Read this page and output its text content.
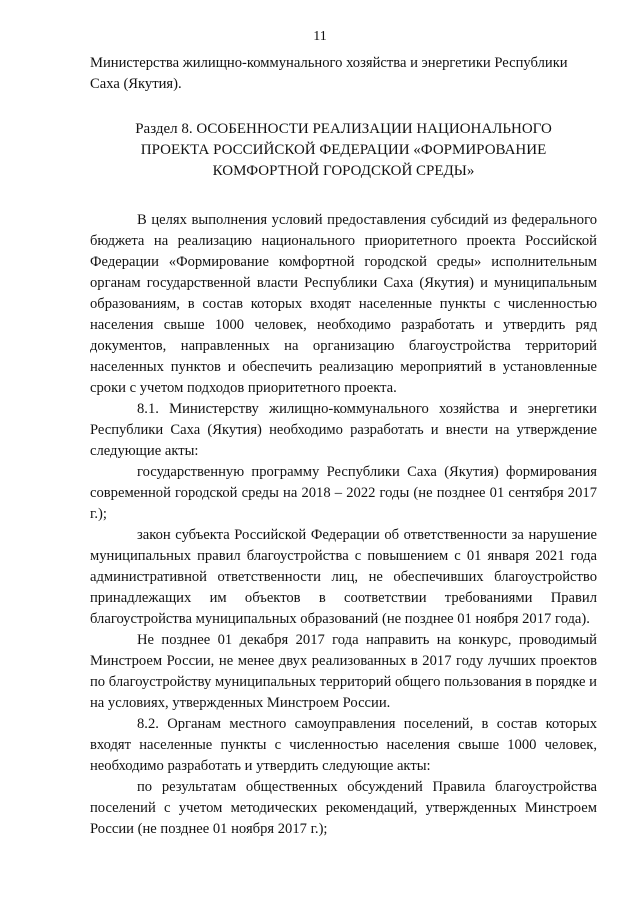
11

Министерства жилищно-коммунального хозяйства и энергетики Республики Саха (Якутия).

Раздел 8. ОСОБЕННОСТИ РЕАЛИЗАЦИИ НАЦИОНАЛЬНОГО
ПРОЕКТА РОССИЙСКОЙ ФЕДЕРАЦИИ «ФОРМИРОВАНИЕ
КОМФОРТНОЙ ГОРОДСКОЙ СРЕДЫ»

В целях выполнения условий предоставления субсидий из федерального бюджета на реализацию национального приоритетного проекта Российской Федерации «Формирование комфортной городской среды» исполнительным органам государственной власти Республики Саха (Якутия) и муниципальным образованиям, в состав которых входят населенные пункты с численностью населения свыше 1000 человек, необходимо разработать и утвердить ряд документов, направленных на организацию благоустройства территорий населенных пунктов и обеспечить реализацию мероприятий в установленные сроки с учетом подходов приоритетного проекта.

8.1. Министерству жилищно-коммунального хозяйства и энергетики Республики Саха (Якутия) необходимо разработать и внести на утверждение следующие акты:

государственную программу Республики Саха (Якутия) формирования современной городской среды на 2018 – 2022 годы (не позднее 01 сентября 2017 г.);

закон субъекта Российской Федерации об ответственности за нарушение муниципальных правил благоустройства с повышением с 01 января 2021 года административной ответственности лиц, не обеспечивших благоустройство принадлежащих им объектов в соответствии требованиями Правил благоустройства муниципальных образований (не позднее 01 ноября 2017 года).

Не позднее 01 декабря 2017 года направить на конкурс, проводимый Минстроем России, не менее двух реализованных в 2017 году лучших проектов по благоустройству муниципальных территорий общего пользования в порядке и на условиях, утвержденных Минстроем России.

8.2. Органам местного самоуправления поселений, в состав которых входят населенные пункты с численностью населения свыше 1000 человек, необходимо разработать и утвердить следующие акты:

по результатам общественных обсуждений Правила благоустройства поселений с учетом методических рекомендаций, утвержденных Минстроем России (не позднее 01 ноября 2017 г.);
